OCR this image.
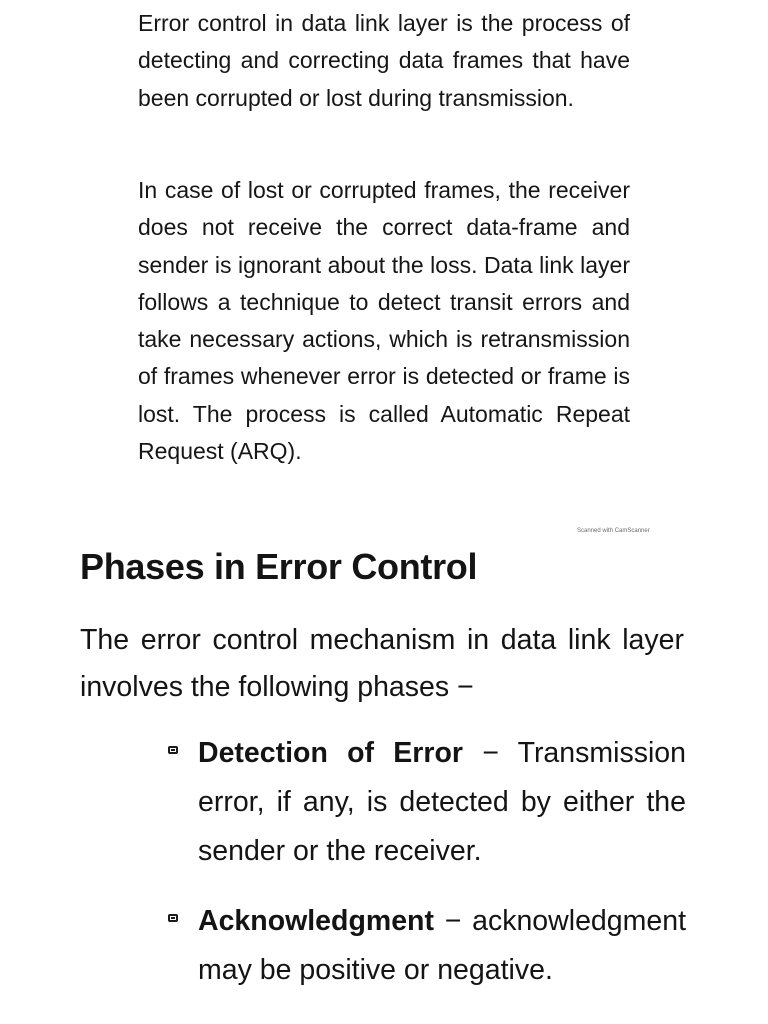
Error control in data link layer is the process of detecting and correcting data frames that have been corrupted or lost during transmission.

In case of lost or corrupted frames, the receiver does not receive the correct data-frame and sender is ignorant about the loss. Data link layer follows a technique to detect transit errors and take necessary actions, which is retransmission of frames whenever error is detected or frame is lost. The process is called Automatic Repeat Request (ARQ).

Scanned with CamScanner
Phases in Error Control

The error control mechanism in data link layer involves the following phases −

Detection of Error − Transmission error, if any, is detected by either the sender or the receiver.

Acknowledgment − acknowledgment may be positive or negative.
